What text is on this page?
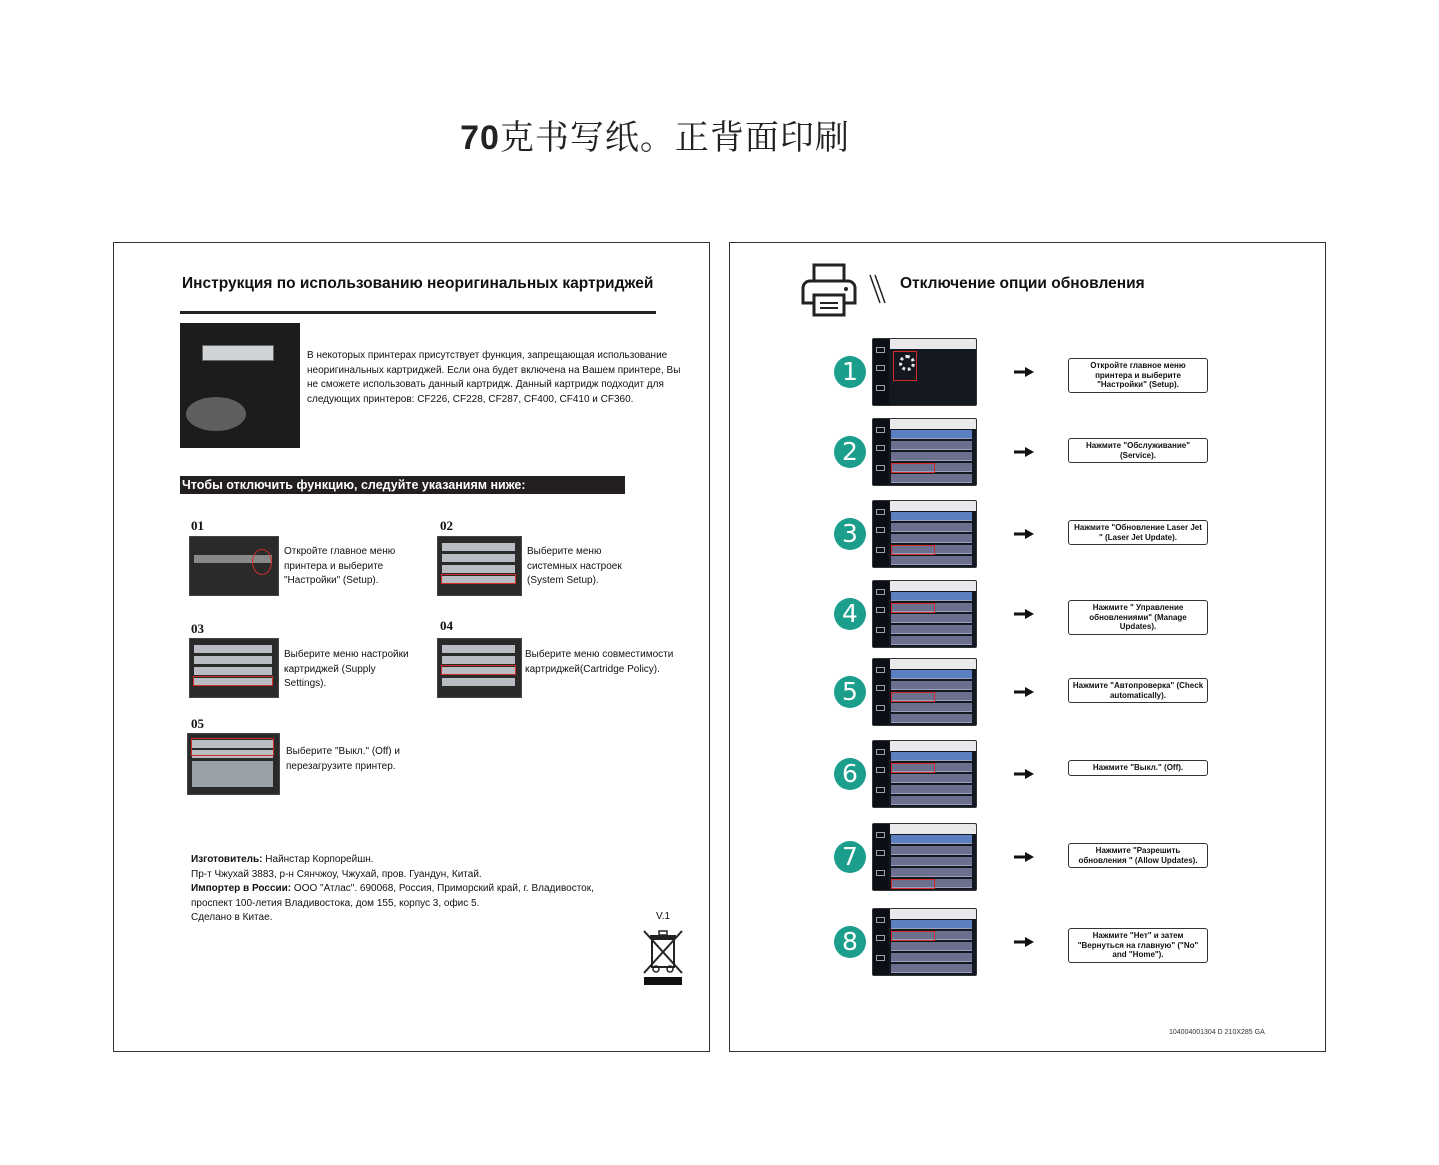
70克书写纸。正背面印刷
Инструкция по использованию неоригинальных картриджей
В некоторых принтерах присутствует функция, запрещающая использование неоригинальных картриджей. Если она будет включена на Вашем принтере, Вы не сможете использовать данный картридж. Данный картридж подходит для следующих принтеров: CF226, CF228, CF287, CF400, CF410 и CF360.
Чтобы отключить функцию, следуйте указаниям ниже:
01
Откройте главное меню принтера и выберите "Настройки" (Setup).
02
Выберите меню системных настроек (System Setup).
03
Выберите меню настройки картриджей (Supply Settings).
04
Выберите меню совместимости картриджей(Cartridge Policy).
05
Выберите "Выкл." (Off) и перезагрузите принтер.
Изготовитель: Найнстар Корпорейшн.
Пр-т Чжухай 3883, р-н Сянчжоу, Чжухай, пров. Гуандун, Китай.
Импортер в России: ООО "Атлас". 690068, Россия, Приморский край, г. Владивосток,
проспект 100-летия Владивостока, дом 155, корпус 3, офис 5.
Сделано в Китае.	V.1
Отключение опции обновления
1	Откройте главное меню принтера и выберите "Настройки" (Setup).
2	Нажмите "Обслуживание" (Service).
3	Нажмите "Обновление Laser Jet " (Laser Jet Update).
4	Нажмите " Управление обновлениями" (Manage Updates).
5	Нажмите "Автопроверка" (Check automatically).
6	Нажмите "Выкл." (Off).
7	Нажмите "Разрешить обновления " (Allow Updates).
8	Нажмите "Нет" и затем "Вернуться на главную" ("No" and "Home").
104004001304 D 210X285 GA
